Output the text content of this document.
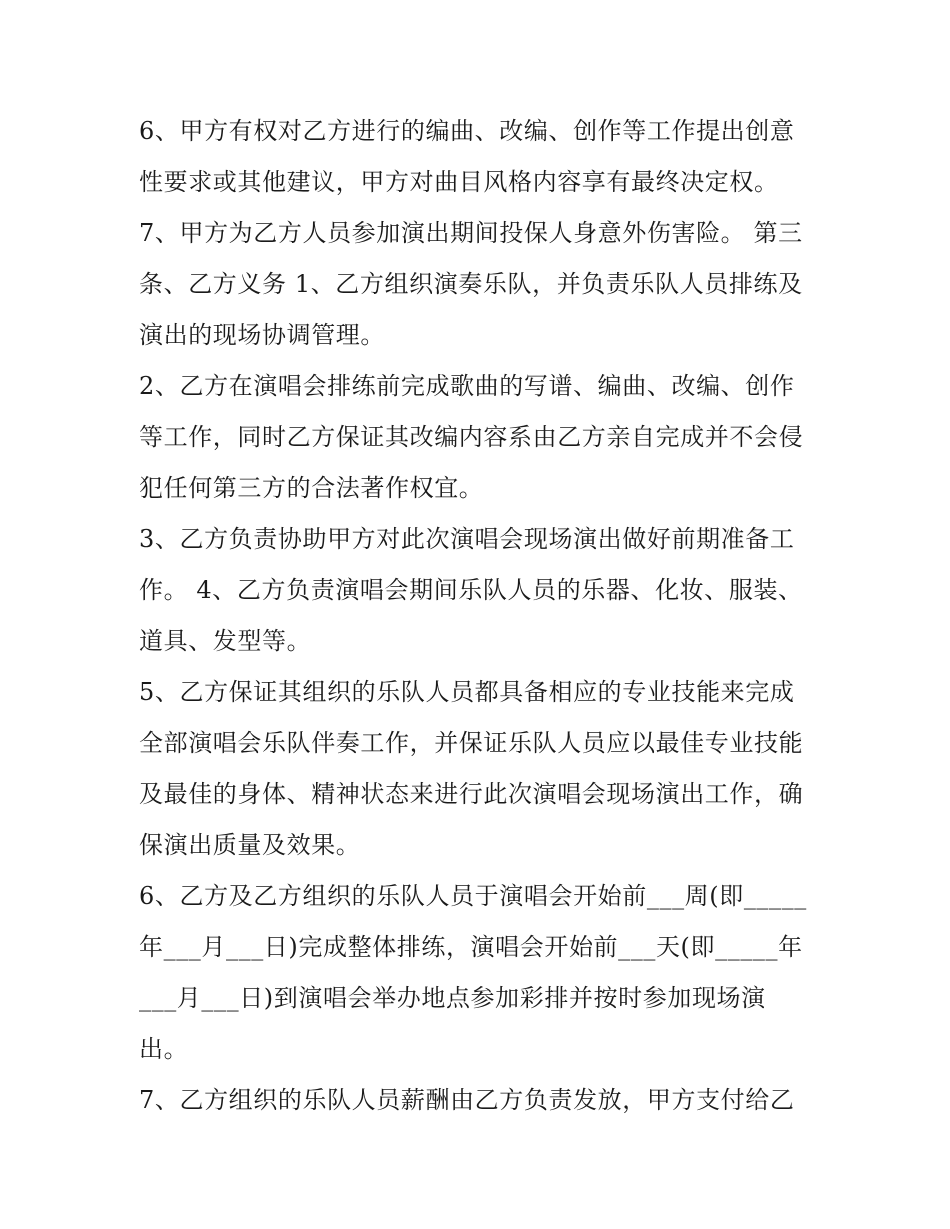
6、甲方有权对乙方进行的编曲、改编、创作等工作提出创意
性要求或其他建议，甲方对曲目风格内容享有最终决定权。
7、甲方为乙方人员参加演出期间投保人身意外伤害险。 第三
条、乙方义务 1、乙方组织演奏乐队，并负责乐队人员排练及
演出的现场协调管理。
2、乙方在演唱会排练前完成歌曲的写谱、编曲、改编、创作
等工作，同时乙方保证其改编内容系由乙方亲自完成并不会侵
犯任何第三方的合法著作权宜。
3、乙方负责协助甲方对此次演唱会现场演出做好前期准备工
作。 4、乙方负责演唱会期间乐队人员的乐器、化妆、服装、
道具、发型等。
5、乙方保证其组织的乐队人员都具备相应的专业技能来完成
全部演唱会乐队伴奏工作，并保证乐队人员应以最佳专业技能
及最佳的身体、精神状态来进行此次演唱会现场演出工作，确
保演出质量及效果。
6、乙方及乙方组织的乐队人员于演唱会开始前___周(即_____
年___月___日)完成整体排练，演唱会开始前___天(即_____年
___月___日)到演唱会举办地点参加彩排并按时参加现场演
出。
7、乙方组织的乐队人员薪酬由乙方负责发放，甲方支付给乙
